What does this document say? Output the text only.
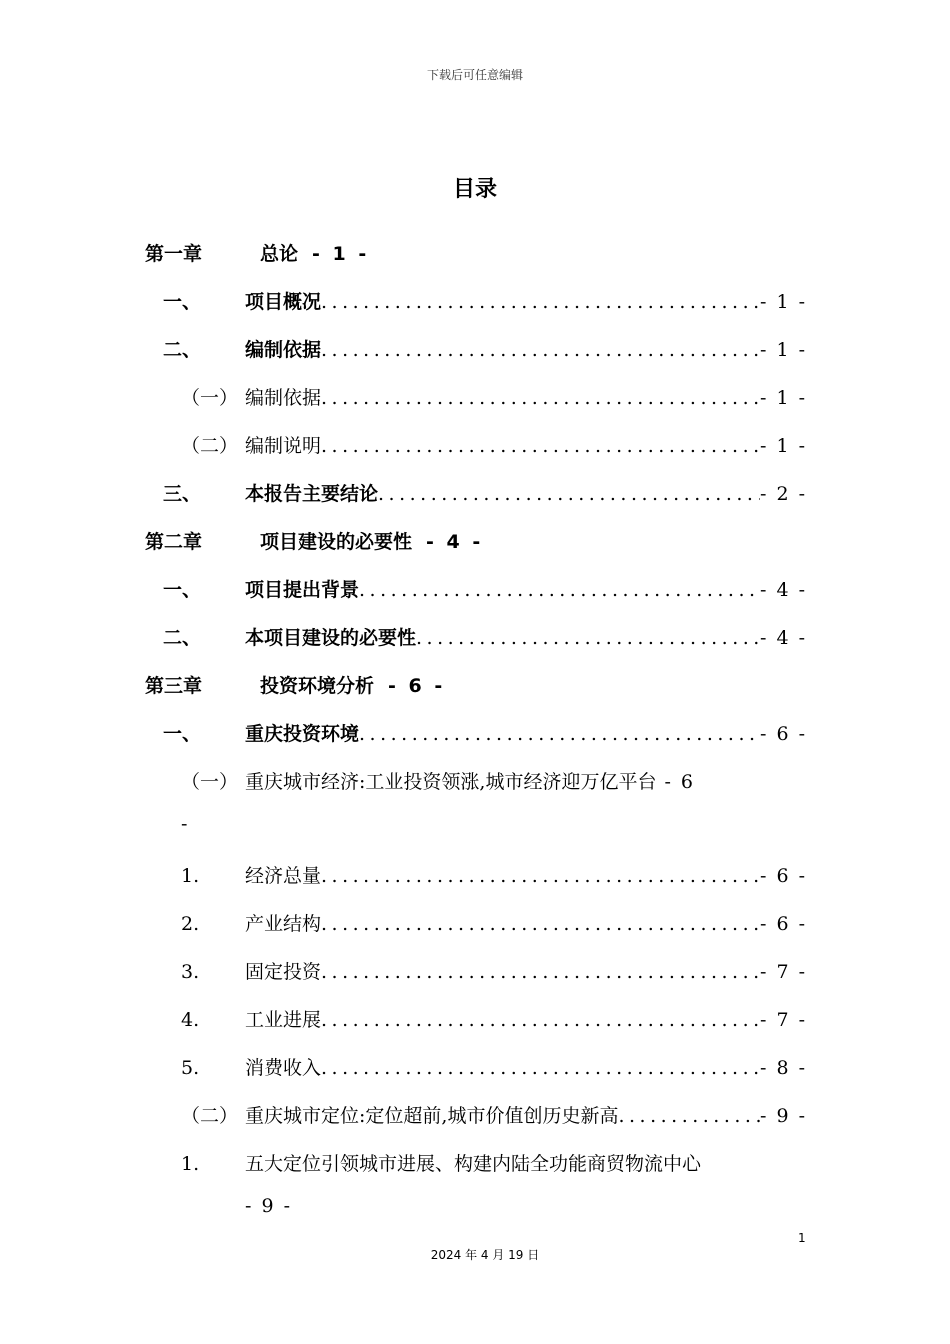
下载后可任意编辑
目录
第一章	总论 - 1 -
一、 项目概况 .....	- 1 -
二、 编制依据 .....	- 1 -
（一） 编制依据 .....	- 1 -
（二） 编制说明 .....	- 1 -
三、 本报告主要结论 .....	- 2 -
第二章	项目建设的必要性 - 4 -
一、 项目提出背景 .....	- 4 -
二、 本项目建设的必要性 .....	- 4 -
第三章	投资环境分析 - 6 -
一、 重庆投资环境 .....	- 6 -
（一） 重庆城市经济:工业投资领涨,城市经济迎万亿平台 - 6
-
1. 经济总量 .....	- 6 -
2. 产业结构 .....	- 6 -
3. 固定投资 .....	- 7 -
4. 工业进展 .....	- 7 -
5. 消费收入 .....	- 8 -
（二） 重庆城市定位:定位超前,城市价值创历史新高 .....	- 9 -
1. 五大定位引领城市进展、构建内陆全功能商贸物流中心
- 9 -
1
2024 年 4 月 19 日
